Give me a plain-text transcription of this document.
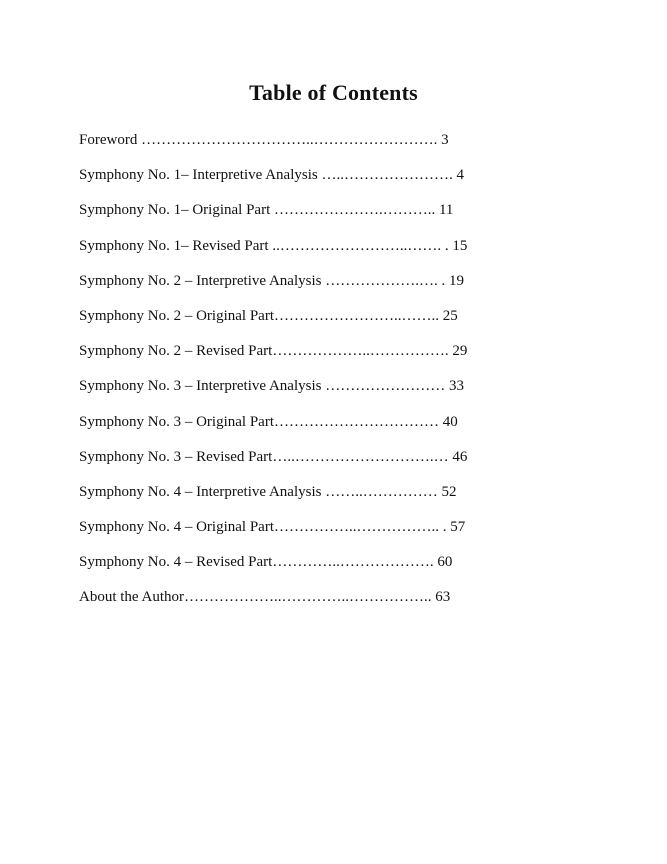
Table of Contents
Foreword ……………………………..……………………. 3
Symphony No. 1– Interpretive Analysis …..…………………. 4
Symphony No. 1– Original Part ………………….……….. 11
Symphony No. 1– Revised Part ..……………………..……. . 15
Symphony No. 2 – Interpretive Analysis ……………….…. . 19
Symphony No. 2 – Original Part……………………..…….. 25
Symphony No. 2 – Revised Part………………..……………. 29
Symphony No. 3 – Interpretive Analysis …………………… 33
Symphony No. 3 – Original Part…………………………… 40
Symphony No. 3 – Revised Part…..……………………….… 46
Symphony No. 4 – Interpretive Analysis ……..…………… 52
Symphony No. 4 – Original Part……………..…………….. . 57
Symphony No. 4 – Revised Part…………..………………. 60
About the Author………………..…………..…………….. 63
